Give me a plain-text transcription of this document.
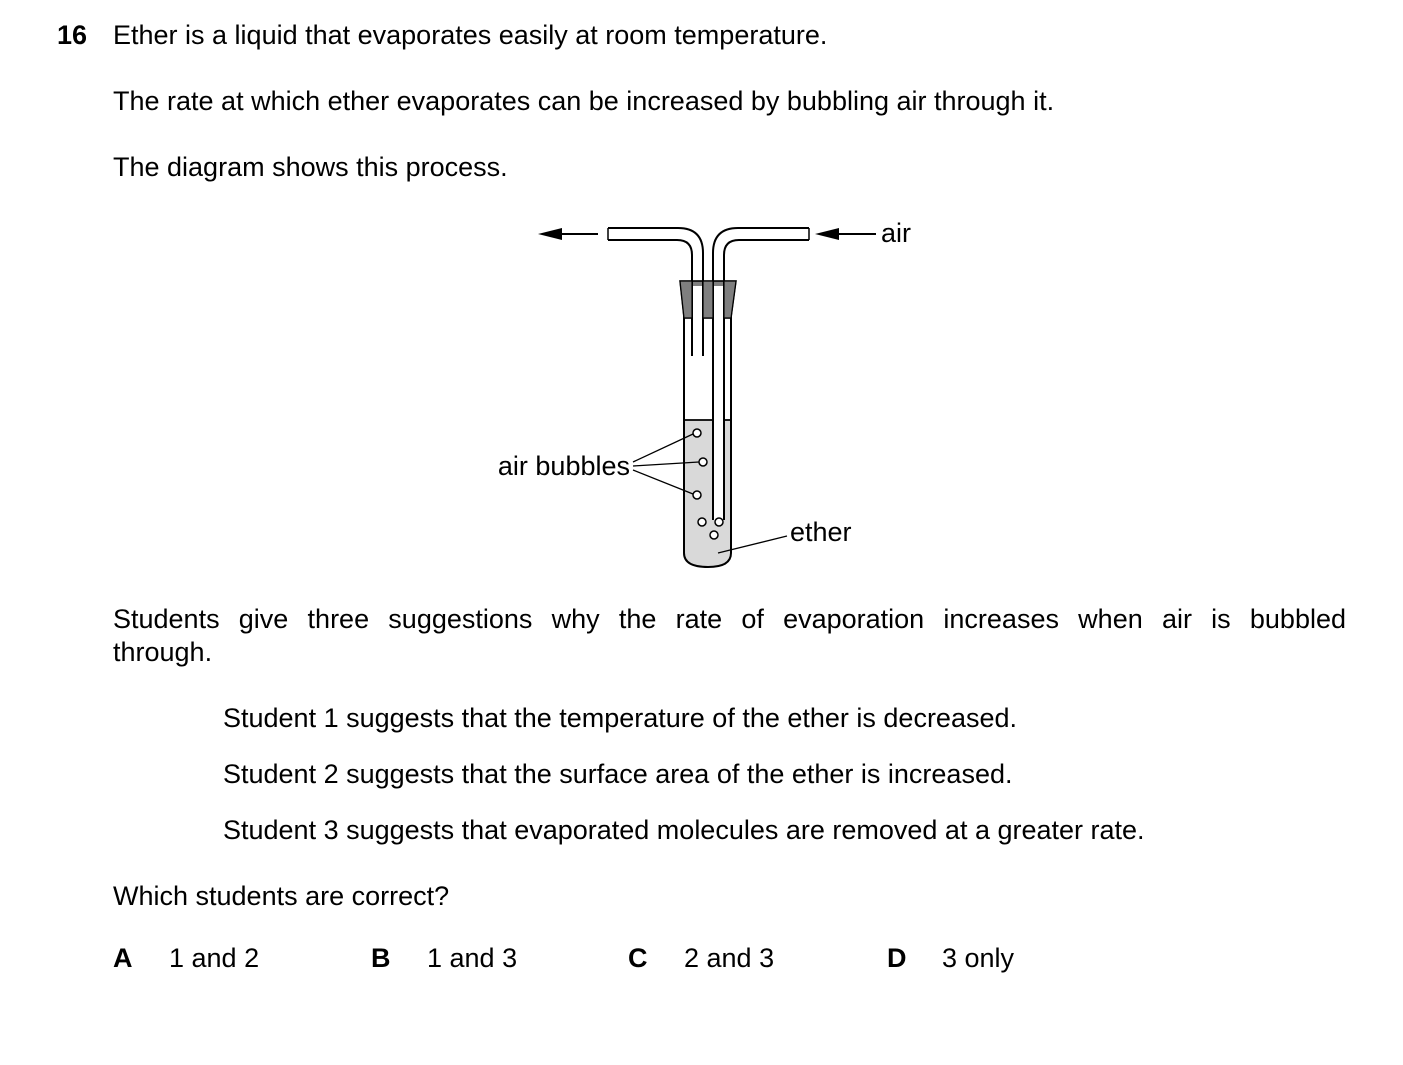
16 Ether is a liquid that evaporates easily at room temperature.
The rate at which ether evaporates can be increased by bubbling air through it.
The diagram shows this process.
air
air bubbles
ether
Students give three suggestions why the rate of evaporation increases when air is bubbled
through.
Student 1 suggests that the temperature of the ether is decreased.
Student 2 suggests that the surface area of the ether is increased.
Student 3 suggests that evaporated molecules are removed at a greater rate.
Which students are correct?
A 1 and 2	B 1 and 3	C 2 and 3	D 3 only
